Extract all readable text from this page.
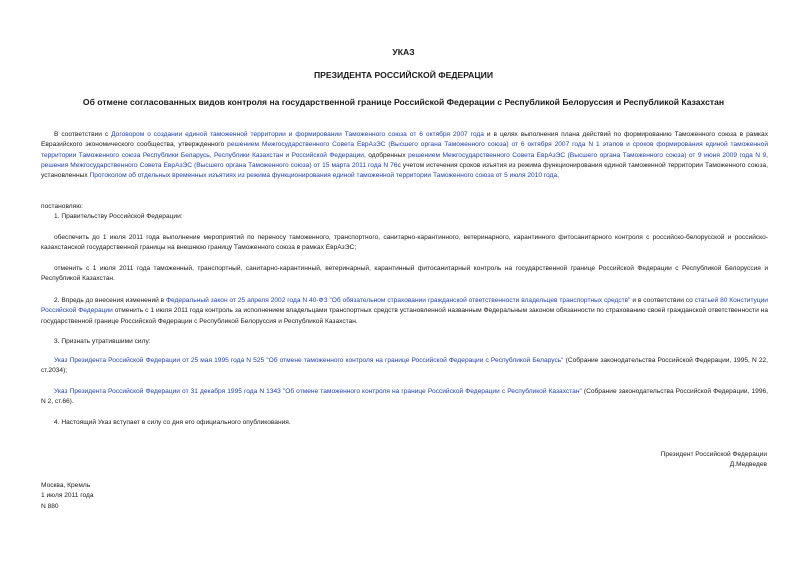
УКАЗ
ПРЕЗИДЕНТА РОССИЙСКОЙ ФЕДЕРАЦИИ
Об отмене согласованных видов контроля на государственной границе Российской Федерации с Республикой Белоруссия и Республикой Казахстан
В соответствии с Договором о создании единой таможенной территории и формировании Таможенного союза от 6 октября 2007 года и в целях выполнения плана действий по формированию Таможенного союза в рамках Евразийского экономического сообщества, утвержденного решением Межгосударственного Совета ЕврАзЭС (Высшего органа Таможенного союза) от 6 октября 2007 года N 1 этапов и сроков формирования единой таможенной территории Таможенного союза Республики Беларусь, Республики Казахстан и Российской Федерации, одобренных решением Межгосударственного Совета ЕврАзЭС (Высшего органа Таможенного союза) от 9 июня 2009 года N 9, решения Межгосударственного Совета ЕврАзЭС (Высшего органа Таможенного союза) от 15 марта 2011 года N 76с учетом истечения сроков изъятия из режима функционирования единой таможенной территории Таможенного союза, установленных Протоколом об отдельных временных изъятиях из режима функционирования единой таможенной территории Таможенного союза от 5 июля 2010 года,
постановляю:
1. Правительству Российской Федерации:
обеспечить до 1 июля 2011 года выполнение мероприятий по переносу таможенного, транспортного, санитарно-карантинного, ветеринарного, карантинного фитосанитарного контроля с российско-белорусской и российско-казахстанской государственной границы на внешнюю границу Таможенного союза в рамках ЕврАзЭС;
отменить с 1 июля 2011 года таможенный, транспортный, санитарно-карантинный, ветеринарный, карантинный фитосанитарный контроль на государственной границе Российской Федерации с Республикой Белоруссия и Республикой Казахстан.
2. Впредь до внесения изменений в Федеральный закон от 25 апреля 2002 года N 40-ФЗ "Об обязательном страховании гражданской ответственности владельцев транспортных средств" и в соответствии со статьей 80 Конституции Российской Федерации отменить с 1 июля 2011 года контроль за исполнением владельцами транспортных средств установленной названным Федеральным законом обязанности по страхованию своей гражданской ответственности на государственной границе Российской Федерации с Республикой Белоруссия и Республикой Казахстан.
3. Признать утратившими силу:
Указ Президента Российской Федерации от 25 мая 1995 года N 525 "Об отмене таможенного контроля на границе Российской Федерации с Республикой Беларусь" (Собрание законодательства Российской Федерации, 1995, N 22, ст.2034);
Указ Президента Российской Федерации от 31 декабря 1995 года N 1343 "Об отмене таможенного контроля на границе Российской Федерации с Республикой Казахстан" (Собрание законодательства Российской Федерации, 1996, N 2, ст.66).
4. Настоящий Указ вступает в силу со дня его официального опубликования.
Президент Российской Федерации
Д.Медведев
Москва, Кремль
1 июля 2011 года
N 880
